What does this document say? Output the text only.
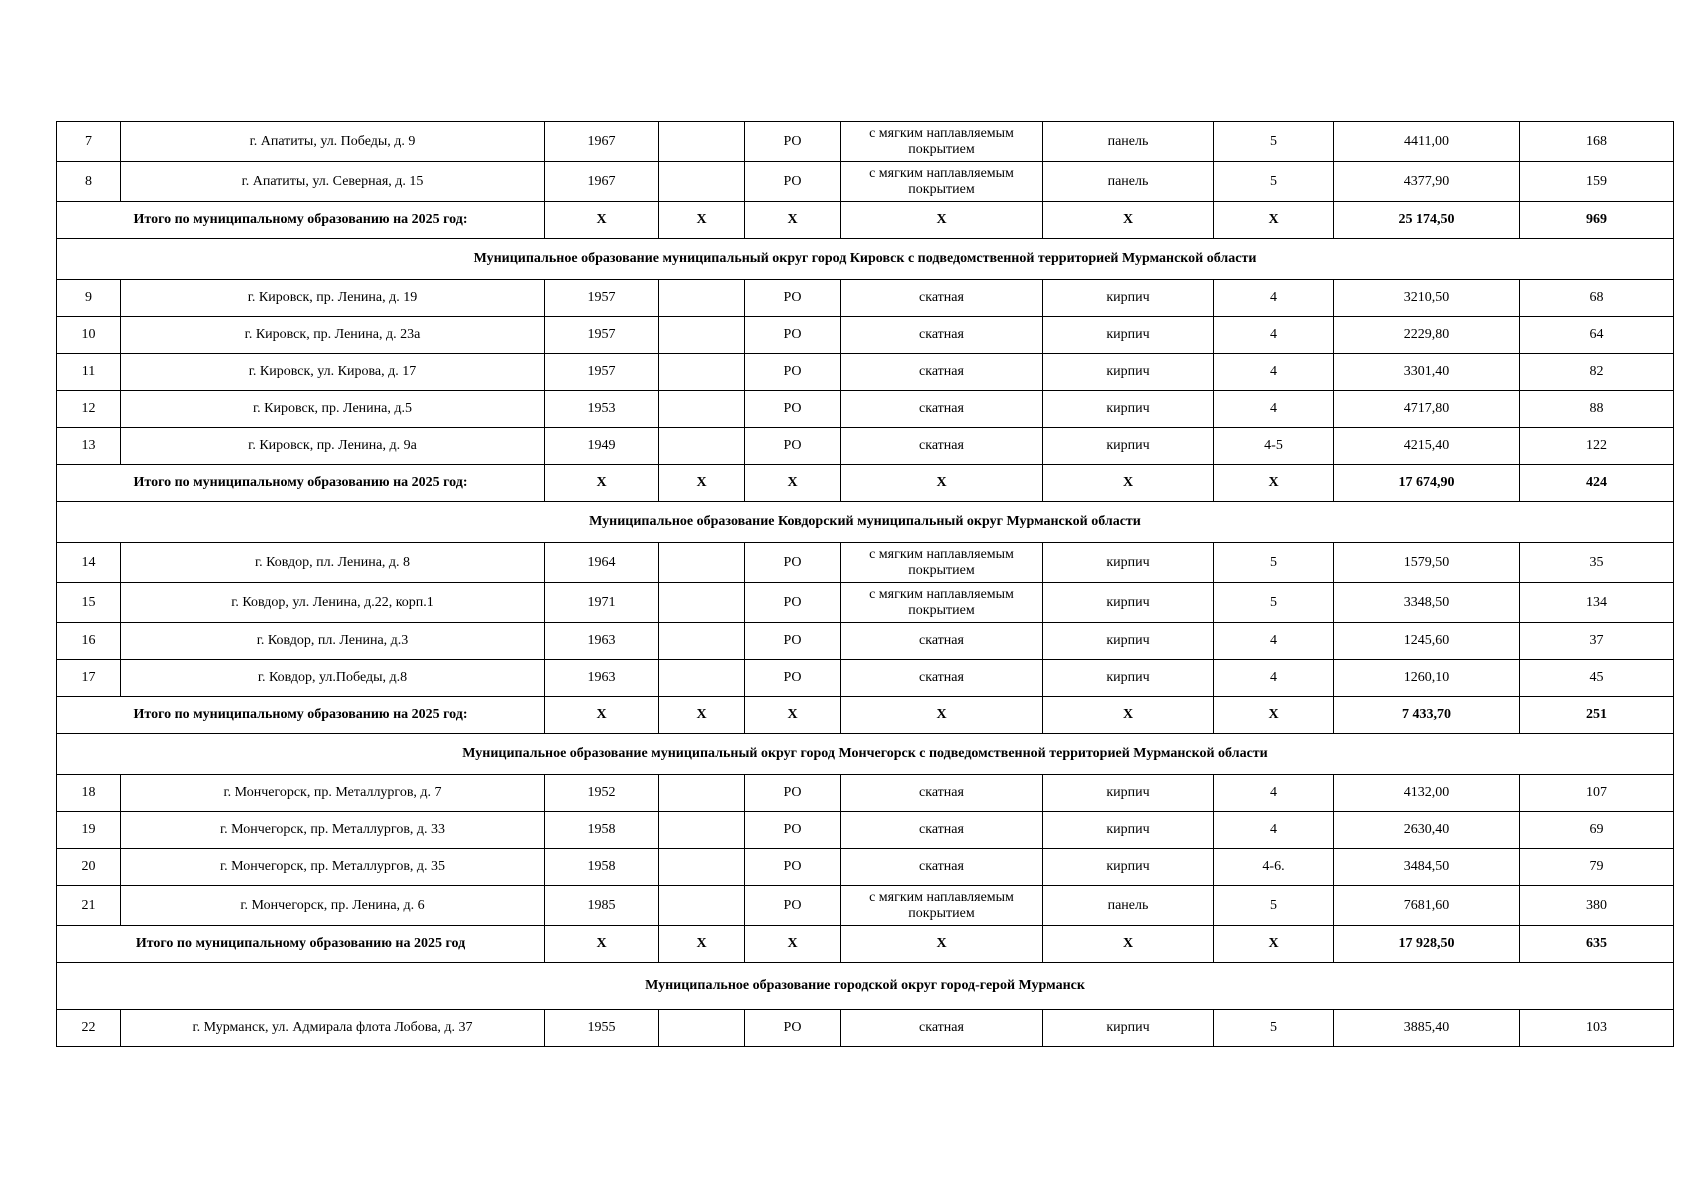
7	г. Апатиты, ул. Победы, д. 9	1967		РО	с мягким наплавляемым покрытием	панель	5	4411,00	168
8	г. Апатиты, ул. Северная, д. 15	1967		РО	с мягким наплавляемым покрытием	панель	5	4377,90	159
Итого по муниципальному образованию на 2025 год:		Х	Х	Х	Х	Х	Х	25 174,50	969
Муниципальное образование муниципальный округ город Кировск с подведомственной территорией Мурманской области									
9	г. Кировск, пр. Ленина, д. 19	1957		РО	скатная	кирпич	4	3210,50	68
10	г. Кировск, пр. Ленина, д. 23а	1957		РО	скатная	кирпич	4	2229,80	64
11	г. Кировск, ул. Кирова, д. 17	1957		РО	скатная	кирпич	4	3301,40	82
12	г. Кировск, пр. Ленина, д.5	1953		РО	скатная	кирпич	4	4717,80	88
13	г. Кировск, пр. Ленина, д. 9а	1949		РО	скатная	кирпич	4-5	4215,40	122
Итого по муниципальному образованию на 2025 год:		Х	Х	Х	Х	Х	Х	17 674,90	424
Муниципальное образование Ковдорский муниципальный округ Мурманской области									
14	г. Ковдор, пл. Ленина, д. 8	1964		РО	с мягким наплавляемым покрытием	кирпич	5	1579,50	35
15	г. Ковдор, ул. Ленина, д.22, корп.1	1971		РО	с мягким наплавляемым покрытием	кирпич	5	3348,50	134
16	г. Ковдор, пл. Ленина, д.3	1963		РО	скатная	кирпич	4	1245,60	37
17	г. Ковдор, ул.Победы, д.8	1963		РО	скатная	кирпич	4	1260,10	45
Итого по муниципальному образованию на 2025 год:		Х	Х	Х	Х	Х	Х	7 433,70	251
Муниципальное образование муниципальный округ город Мончегорск с подведомственной территорией Мурманской области									
18	г. Мончегорск, пр. Металлургов, д. 7	1952		РО	скатная	кирпич	4	4132,00	107
19	г. Мончегорск, пр. Металлургов, д. 33	1958		РО	скатная	кирпич	4	2630,40	69
20	г. Мончегорск, пр. Металлургов, д. 35	1958		РО	скатная	кирпич	4-6.	3484,50	79
21	г. Мончегорск, пр. Ленина, д. 6	1985		РО	с мягким наплавляемым покрытием	панель	5	7681,60	380
Итого по муниципальному образованию на 2025 год		Х	Х	Х	Х	Х	Х	17 928,50	635
Муниципальное образование городской округ город-герой Мурманск									
22	г. Мурманск, ул. Адмирала флота Лобова, д. 37	1955		РО	скатная	кирпич	5	3885,40	103
